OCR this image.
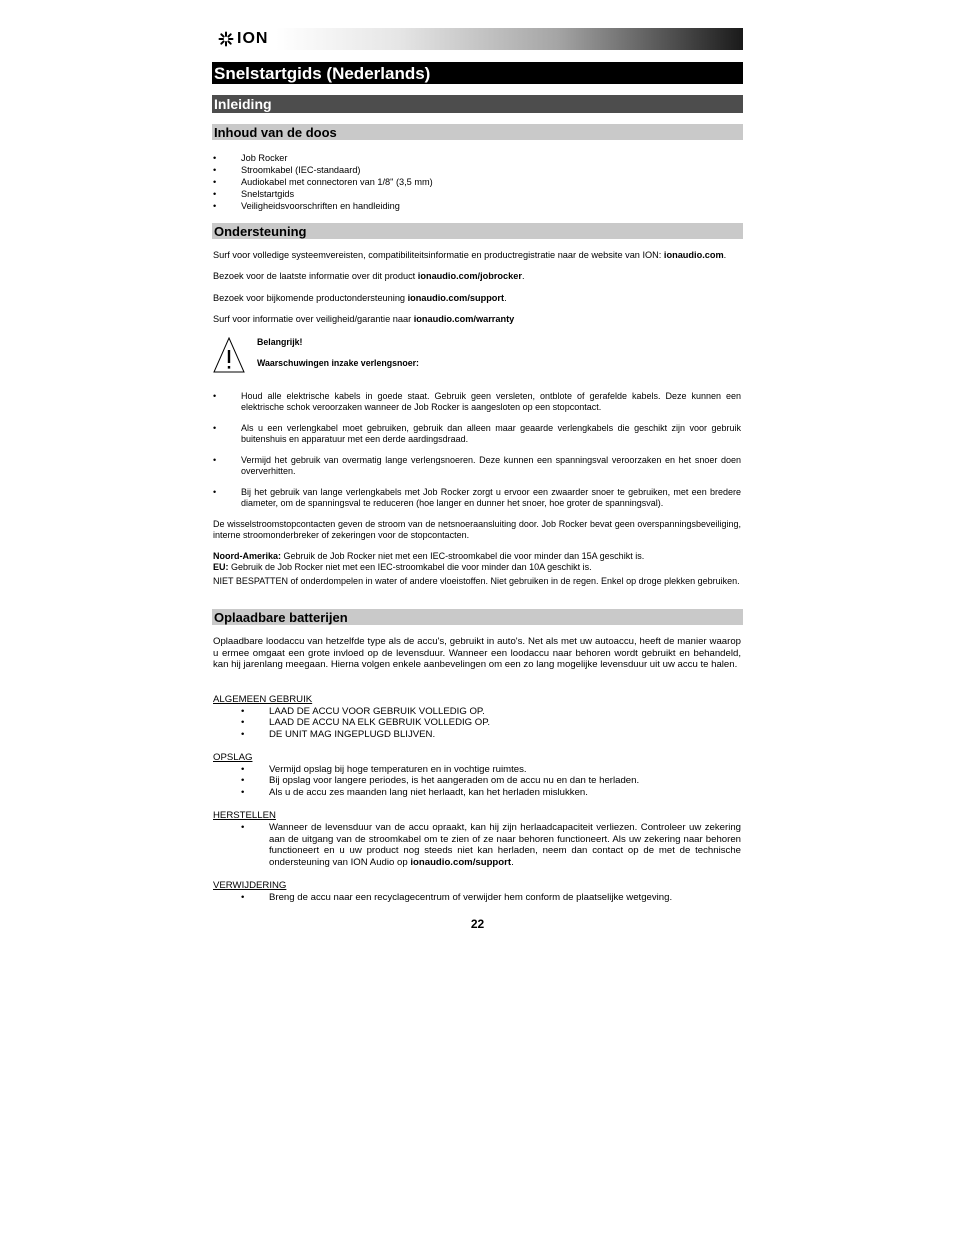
ION
Snelstartgids (Nederlands)
Inleiding
Inhoud van de doos
•	Job Rocker
•	Stroomkabel (IEC-standaard)
•	Audiokabel met connectoren van 1/8" (3,5 mm)
•	Snelstartgids
•	Veiligheidsvoorschriften en handleiding
Ondersteuning
Surf voor volledige systeemvereisten, compatibiliteitsinformatie en productregistratie naar de website van ION: ionaudio.com.
Bezoek voor de laatste informatie over dit product ionaudio.com/jobrocker.
Bezoek voor bijkomende productondersteuning ionaudio.com/support.
Surf voor informatie over veiligheid/garantie naar ionaudio.com/warranty
Belangrijk!
Waarschuwingen inzake verlengsnoer:
•	Houd alle elektrische kabels in goede staat. Gebruik geen versleten, ontblote of gerafelde kabels. Deze kunnen een elektrische schok veroorzaken wanneer de Job Rocker is aangesloten op een stopcontact.
•	Als u een verlengkabel moet gebruiken, gebruik dan alleen maar geaarde verlengkabels die geschikt zijn voor gebruik buitenshuis en apparatuur met een derde aardingsdraad.
•	Vermijd het gebruik van overmatig lange verlengsnoeren. Deze kunnen een spanningsval veroorzaken en het snoer doen oververhitten.
•	Bij het gebruik van lange verlengkabels met Job Rocker zorgt u ervoor een zwaarder snoer te gebruiken, met een bredere diameter, om de spanningsval te reduceren (hoe langer en dunner het snoer, hoe groter de spanningsval).
De wisselstroomstopcontacten geven de stroom van de netsnoeraansluiting door. Job Rocker bevat geen overspanningsbeveiliging, interne stroomonderbreker of zekeringen voor de stopcontacten.
Noord-Amerika: Gebruik de Job Rocker niet met een IEC-stroomkabel die voor minder dan 15A geschikt is.
EU: Gebruik de Job Rocker niet met een IEC-stroomkabel die voor minder dan 10A geschikt is.
NIET BESPATTEN of onderdompelen in water of andere vloeistoffen. Niet gebruiken in de regen. Enkel op droge plekken gebruiken.
Oplaadbare batterijen
Oplaadbare loodaccu van hetzelfde type als de accu's, gebruikt in auto's. Net als met uw autoaccu, heeft de manier waarop u ermee omgaat een grote invloed op de levensduur. Wanneer een loodaccu naar behoren wordt gebruikt en behandeld, kan hij jarenlang meegaan. Hierna volgen enkele aanbevelingen om een zo lang mogelijke levensduur uit uw accu te halen.
ALGEMEEN GEBRUIK
•	LAAD DE ACCU VOOR GEBRUIK VOLLEDIG OP.
•	LAAD DE ACCU NA ELK GEBRUIK VOLLEDIG OP.
•	DE UNIT MAG INGEPLUGD BLIJVEN.
OPSLAG
•	Vermijd opslag bij hoge temperaturen en in vochtige ruimtes.
•	Bij opslag voor langere periodes, is het aangeraden om de accu nu en dan te herladen.
•	Als u de accu zes maanden lang niet herlaadt, kan het herladen mislukken.
HERSTELLEN
•	Wanneer de levensduur van de accu opraakt, kan hij zijn herlaadcapaciteit verliezen. Controleer uw zekering aan de uitgang van de stroomkabel om te zien of ze naar behoren functioneert. Als uw zekering naar behoren functioneert en u uw product nog steeds niet kan herladen, neem dan contact op de met de technische ondersteuning van ION Audio op ionaudio.com/support.
VERWIJDERING
•	Breng de accu naar een recyclagecentrum of verwijder hem conform de plaatselijke wetgeving.
22
